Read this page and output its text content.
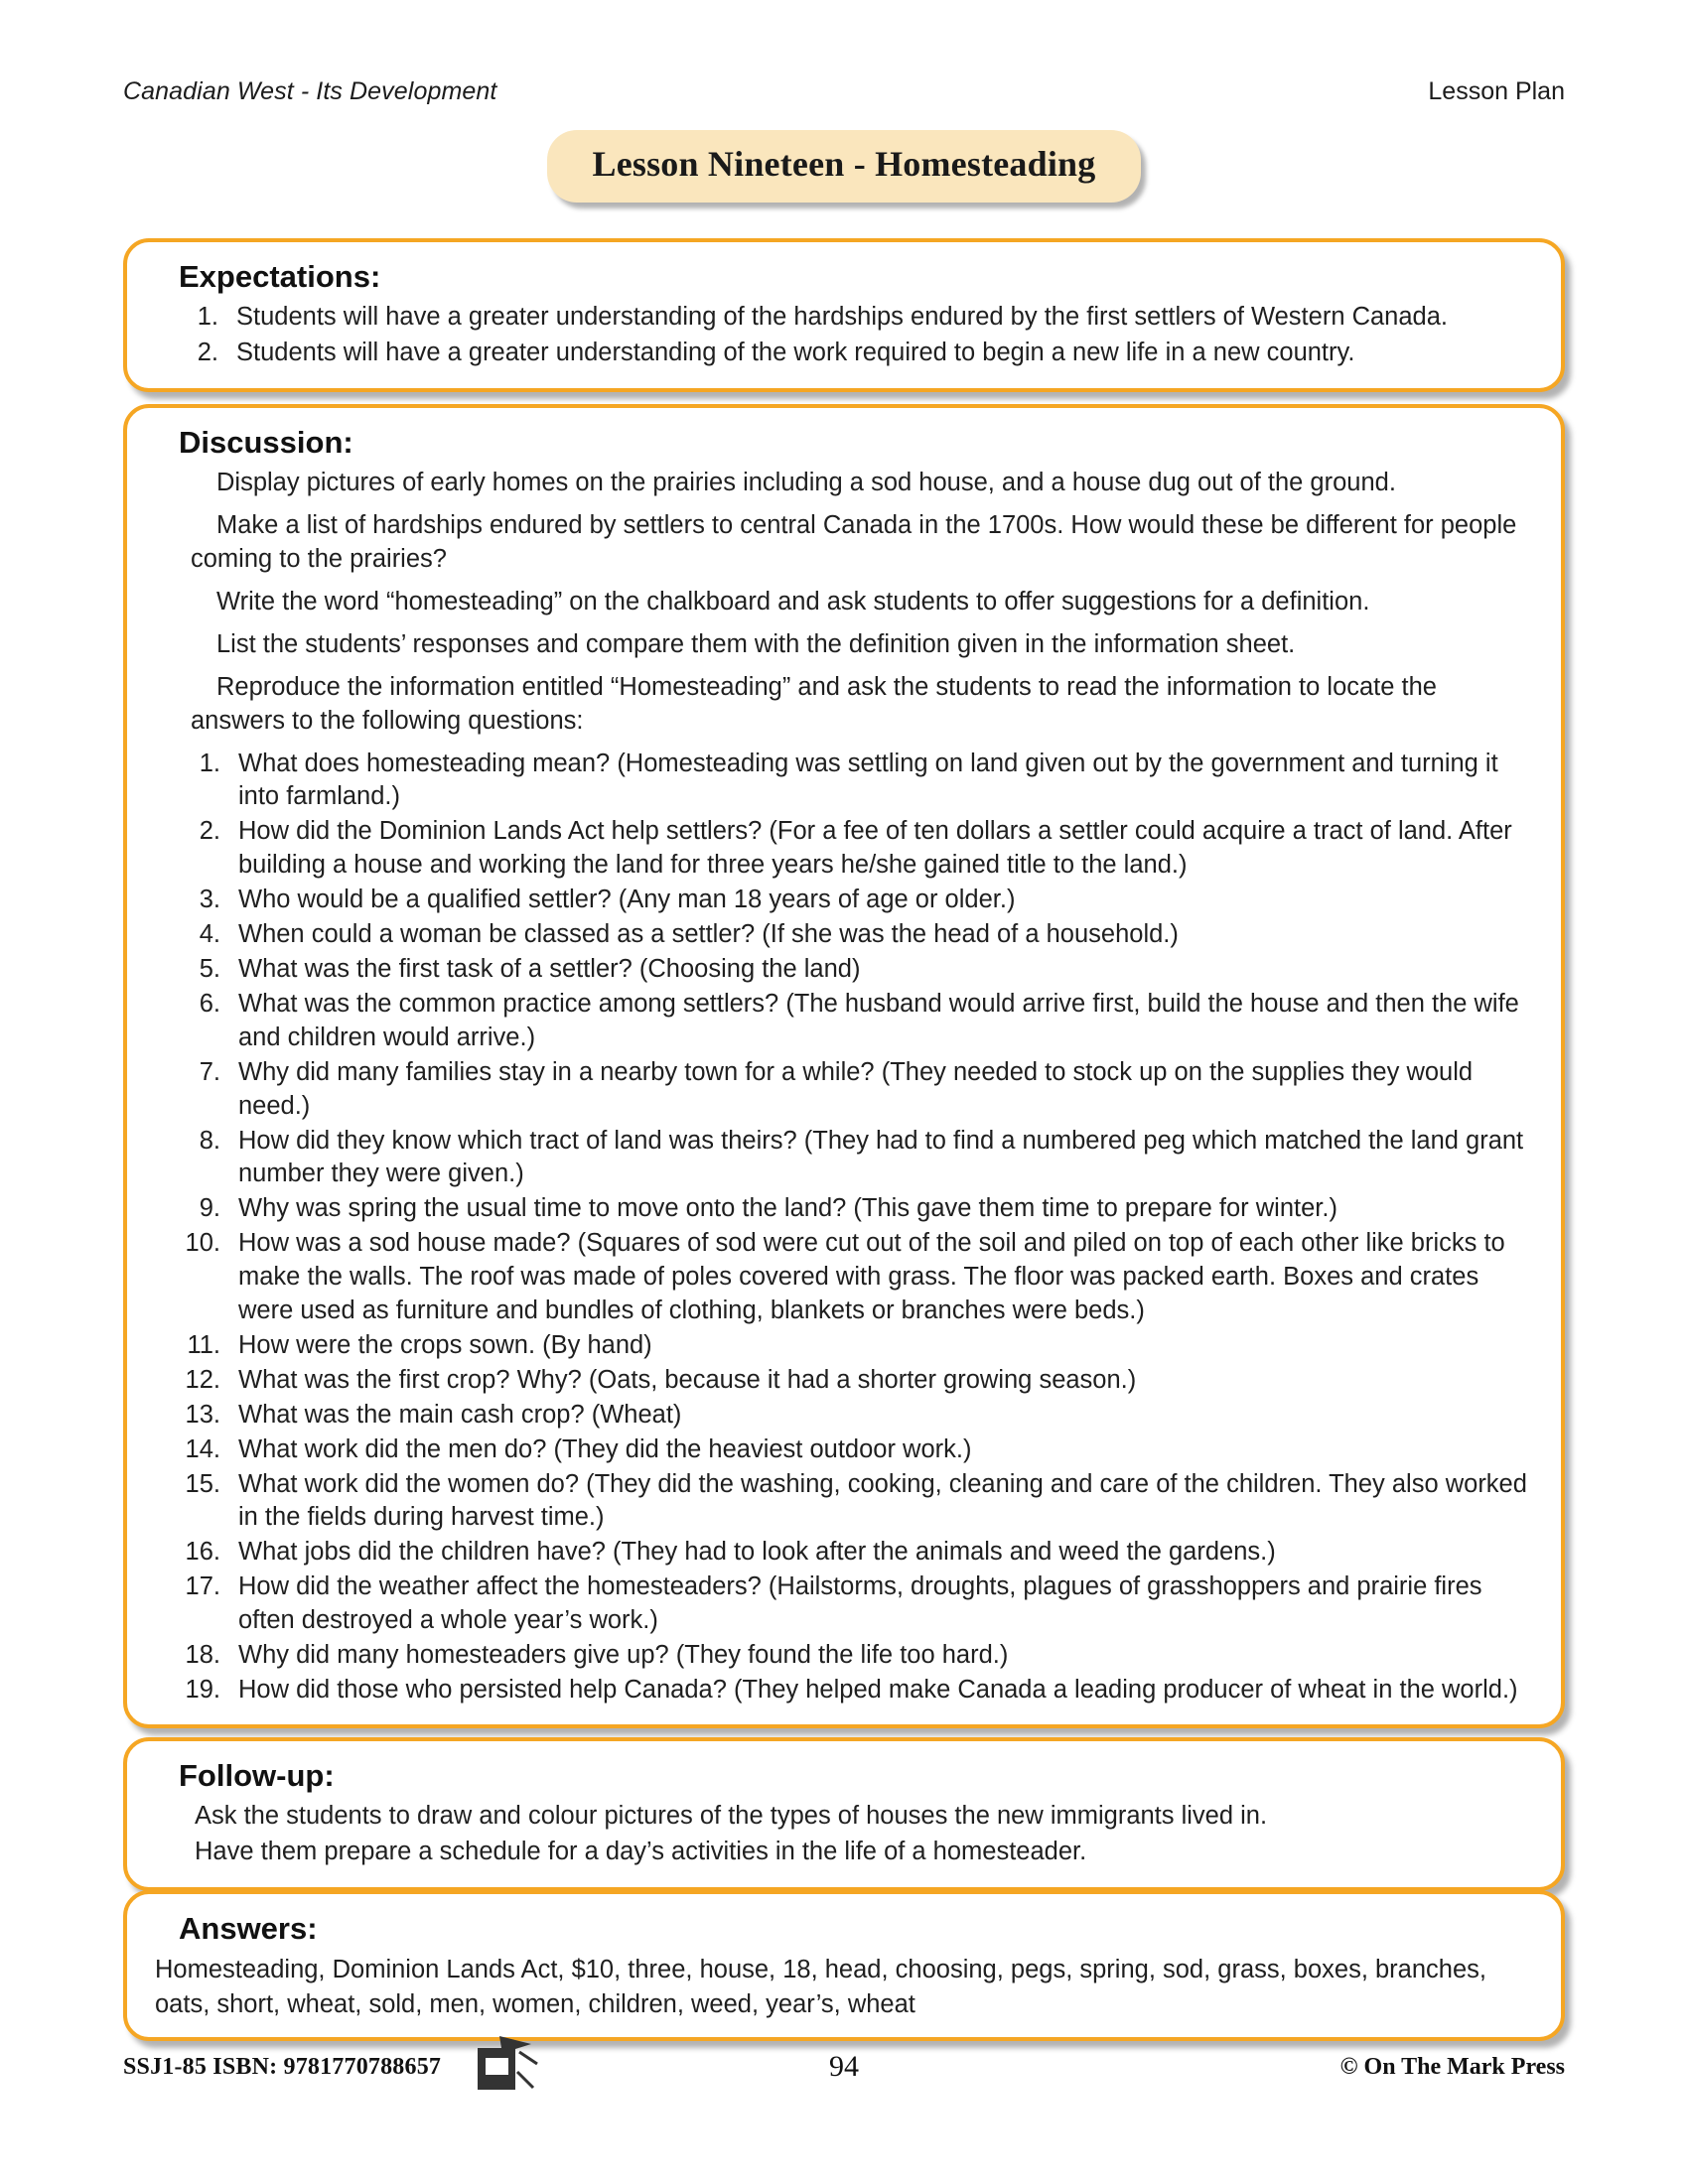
Canadian West - Its Development	Lesson Plan
Lesson Nineteen - Homesteading
Expectations:
1. Students will have a greater understanding of the hardships endured by the first settlers of Western Canada.
2. Students will have a greater understanding of the work required to begin a new life in a new country.
Discussion:

Display pictures of early homes on the prairies including a sod house, and a house dug out of the ground.

Make a list of hardships endured by settlers to central Canada in the 1700s. How would these be different for people coming to the prairies?

Write the word “homesteading” on the chalkboard and ask students to offer suggestions for a definition.

List the students’ responses and compare them with the definition given in the information sheet.

Reproduce the information entitled “Homesteading” and ask the students to read the information to locate the answers to the following questions:

1. What does homesteading mean? (Homesteading was settling on land given out by the government and turning it into farmland.)
2. How did the Dominion Lands Act help settlers? (For a fee of ten dollars a settler could acquire a tract of land. After building a house and working the land for three years he/she gained title to the land.)
3. Who would be a qualified settler? (Any man 18 years of age or older.)
4. When could a woman be classed as a settler? (If she was the head of a household.)
5. What was the first task of a settler? (Choosing the land)
6. What was the common practice among settlers? (The husband would arrive first, build the house and then the wife and children would arrive.)
7. Why did many families stay in a nearby town for a while? (They needed to stock up on the supplies they would need.)
8. How did they know which tract of land was theirs? (They had to find a numbered peg which matched the land grant number they were given.)
9. Why was spring the usual time to move onto the land? (This gave them time to prepare for winter.)
10. How was a sod house made? (Squares of sod were cut out of the soil and piled on top of each other like bricks to make the walls. The roof was made of poles covered with grass. The floor was packed earth. Boxes and crates were used as furniture and bundles of clothing, blankets or branches were beds.)
11. How were the crops sown. (By hand)
12. What was the first crop? Why? (Oats, because it had a shorter growing season.)
13. What was the main cash crop? (Wheat)
14. What work did the men do? (They did the heaviest outdoor work.)
15. What work did the women do? (They did the washing, cooking, cleaning and care of the children. They also worked in the fields during harvest time.)
16. What jobs did the children have? (They had to look after the animals and weed the gardens.)
17. How did the weather affect the homesteaders? (Hailstorms, droughts, plagues of grasshoppers and prairie fires often destroyed a whole year’s work.)
18. Why did many homesteaders give up? (They found the life too hard.)
19. How did those who persisted help Canada? (They helped make Canada a leading producer of wheat in the world.)
Follow-up:

Ask the students to draw and colour pictures of the types of houses the new immigrants lived in.

Have them prepare a schedule for a day’s activities in the life of a homesteader.

Answers:

Homesteading, Dominion Lands Act, $10, three, house, 18, head, choosing, pegs, spring, sod, grass, boxes, branches, oats, short, wheat, sold, men, women, children, weed, year’s, wheat

SSJ1-85 ISBN: 9781770788657	94	© On The Mark Press
